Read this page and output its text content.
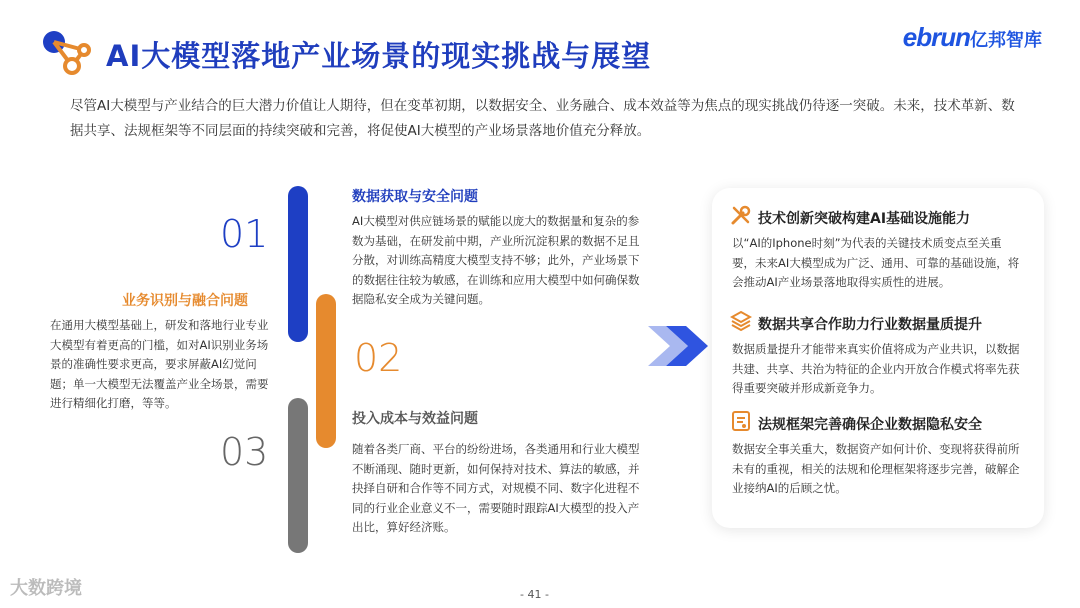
AI大模型落地产业场景的现实挑战与展望
ebrun亿邦智库
尽管AI大模型与产业结合的巨大潜力价值让人期待，但在变革初期，以数据安全、业务融合、成本效益等为焦点的现实挑战仍待逐一突破。未来，技术革新、数据共享、法规框架等不同层面的持续突破和完善，将促使AI大模型的产业场景落地价值充分释放。
01
02
03
数据获取与安全问题
AI大模型对供应链场景的赋能以庞大的数据量和复杂的参数为基础，在研发前中期，产业所沉淀积累的数据不足且分散，对训练高精度大模型支持不够；此外，产业场景下的数据往往较为敏感，在训练和应用大模型中如何确保数据隐私安全成为关键问题。
业务识别与融合问题
在通用大模型基础上，研发和落地行业专业大模型有着更高的门槛，如对AI识别业务场景的准确性要求更高，要求屏蔽AI幻觉问题；单一大模型无法覆盖产业全场景，需要进行精细化打磨，等等。
投入成本与效益问题
随着各类厂商、平台的纷纷进场，各类通用和行业大模型不断涌现、随时更新，如何保持对技术、算法的敏感，并抉择自研和合作等不同方式，对规模不同、数字化进程不同的行业企业意义不一，需要随时跟踪AI大模型的投入产出比，算好经济账。
技术创新突破构建AI基础设施能力
以“AI的Iphone时刻”为代表的关键技术质变点至关重要，未来AI大模型成为广泛、通用、可靠的基础设施，将会推动AI产业场景落地取得实质性的进展。
数据共享合作助力行业数据量质提升
数据质量提升才能带来真实价值将成为产业共识，以数据共建、共享、共治为特征的企业内开放合作模式将率先获得重要突破并形成新竞争力。
法规框架完善确保企业数据隐私安全
数据安全事关重大，数据资产如何计价、变现将获得前所未有的重视，相关的法规和伦理框架将逐步完善，破解企业接纳AI的后顾之忧。
大数跨境	- 41 -
